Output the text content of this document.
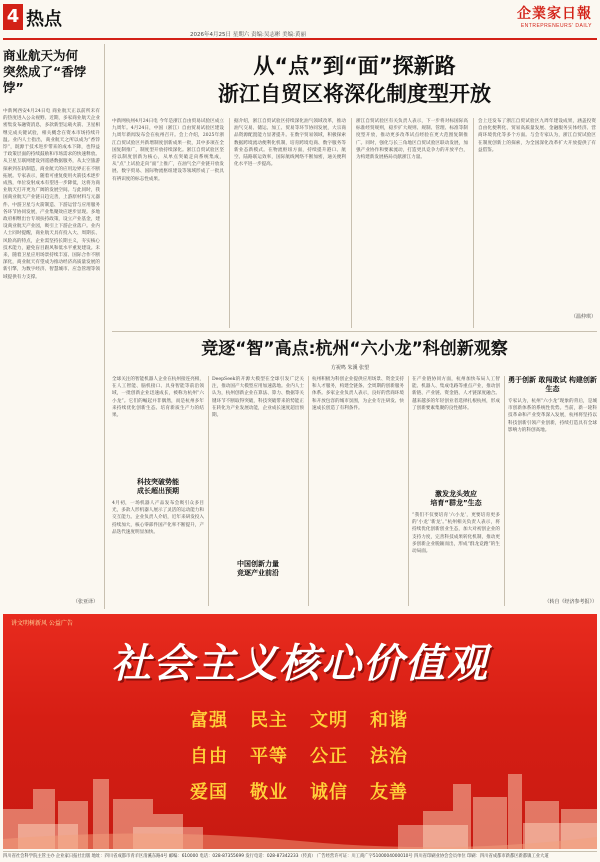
4 热点
2026年4月25日 星期六 责编:吴志彬 美编:黄丽
企業家日報
ENTREPRENEURS' DAILY
商业航天为何
突然成了“香饽饽”
中新网西安4月24日电 商业航天正以前所未有的热度进入公众视野。近期，多家商业航天企业密集发布融资消息，多款新型运载火箭、卫星相继完成关键试验，相关概念在资本市场持续升温。业内人士指出，商业航天之所以成为“香饽饽”，既源于技术进步带来的成本下降，也得益于政策层面的持续鼓励和市场需求的快速释放。从卫星互联网建设到遥感数据服务，从太空旅游探索到在轨制造，商业航天的应用边界正在不断拓展。专家表示，随着可重复使用火箭技术逐步成熟，单位发射成本有望进一步降低，这将为商业航天打开更为广阔的发展空间。与此同时，我国商业航天产业链日趋完善，上游原材料与元器件、中游卫星与火箭制造、下游运营与应用服务各环节协同发展，产业集聚效应逐步显现。多地政府相继出台专项扶持政策，设立产业基金，建设商业航天产业园，吸引上下游企业落户。业内人士同时提醒，商业航天具有投入大、周期长、风险高的特点，企业需坚持长期主义，夯实核心技术能力，避免盲目跟风和低水平重复建设。未来，随着卫星应用场景持续丰富、国际合作不断深化，商业航天有望成为推动经济高质量发展的新引擎，为数字经济、智慧城市、应急管理等领域提供有力支撑。
（张亚译）
从“点”到“面”探新路
浙江自贸区将深化制度型开放
中新网杭州4月24日电 今年是浙江自由贸易试验区成立九周年。4月24日，中国（浙江）自由贸易试验区建设九周年新闻发布会在杭州召开。会上介绍，2025年浙江自贸试验区共新增制度创新成果一批，其中多项在全国复制推广，制度型开放持续深化。浙江自贸试验区坚持以制度创新为核心，从单点突破走向系统集成，从“点”上试验走向“面”上推广，在油气全产业链开放发展、数字贸易、国际物流枢纽建设等领域形成了一批具有辨识度的标志性成果。
据介绍，浙江自贸试验区持续深化油气领域改革，推动油气交易、储运、加工、贸易等环节协同发展，大宗商品资源配置能力显著提升。在数字贸易领域，积极探索数据跨境流动便利化机制，培育跨境电商、数字服务等新业态新模式。在物流枢纽方面，持续提升港口、航空、陆路联运效率，国际航线网络不断加密，通关便利化水平进一步提高。
浙江自贸试验区有关负责人表示，下一步将对标国际高标准经贸规则，稳步扩大规则、规制、管理、标准等制度型开放，推动更多改革试点经验在更大范围复制推广。同时，强化与长三角地区自贸试验区联动发展，加强产业协作和要素流动，打造更具竞争力的开放平台，为构建新发展格局贡献浙江力量。
会上还发布了浙江自贸试验区九周年建设成果，涵盖投资自由化便利化、贸易高质量发展、金融服务实体经济、营商环境优化等多个方面。与会专家认为，浙江自贸试验区在制度创新上的探索，为全国深化改革扩大开放提供了有益借鉴。
（温仲琪）
竞逐“智”高点:杭州“六小龙”科创新观察
方祝鸣 朱溪 张望
全球关注的智能机器人企业在杭州接连亮相，在人工智能、脑机接口、具身智能等前沿领域，一批创新企业迅速成长，被称为杭州“六小龙”。它们的崛起并非偶然，而是杭州多年来持续优化创新生态、培育新质生产力的结果。
科技突破势能
成长超出预期
4月初，一场机器人产品发布会吸引众多目光，多款人形机器人展示了灵活的运动能力和交互能力。企业负责人介绍，近年来研发投入持续加大，核心零部件国产化率不断提升，产品迭代速度明显加快。
DeepSeek的开源大模型在全球引发广泛关注，推动国产大模型应用加速落地。业内人士认为，杭州创新企业在算法、算力、数据等关键环节不断取得突破，科技突破带来的势能正在转化为产业发展动能，企业成长速度超出预期。
中国创新力量
竞逐产业前沿
杭州积极为科创企业提供应用场景、资金支持和人才服务，构建全链条、全周期的创新服务体系。多家企业负责人表示，良好的营商环境和开放包容的城市氛围，为企业专注研发、快速成长创造了有利条件。
在产业链协同方面，杭州加快布局人工智能、机器人、集成电路等重点产业，推动创新链、产业链、资金链、人才链深度融合。越来越多的年轻创业者选择扎根杭州，形成了创新要素集聚的良性循环。
激发龙头效应
培育“群龙”生态
“我们不仅要培育‘六小龙’，更要培育更多的‘小龙’‘新龙’。”杭州相关负责人表示，将持续优化创新创业生态，加大对初创企业的支持力度，完善科技成果转化机制，推动更多创新企业脱颖而出，形成“群龙竞跑”的生动局面。
勇于创新 敢闯敢试 构建创新生态
专家认为，杭州“六小龙”现象的背后，是城市创新体系的系统性优势。当前，新一轮科技革命和产业变革深入发展，杭州将坚持以科技创新引领产业创新，持续打造具有全球影响力的科创高地。
（转自《经济参考报》）
讲文明树新风 公益广告
社会主义核心价值观
富强	民主	文明	和谐
自由	平等	公正	法治
爱国	敬业	诚信	友善
四川省社会科学院主管主办 企业家日报社出版 地址：四川省成都市青羊区清溪东路4号 邮编：610000 电话：028-87355699 发行电话：028-87342233（传真） 广告经营许可证：川工商广字5100004000010号 四川省印刷业协会会员单位 印刷：四川省成都市新都区新都镇工业大道
